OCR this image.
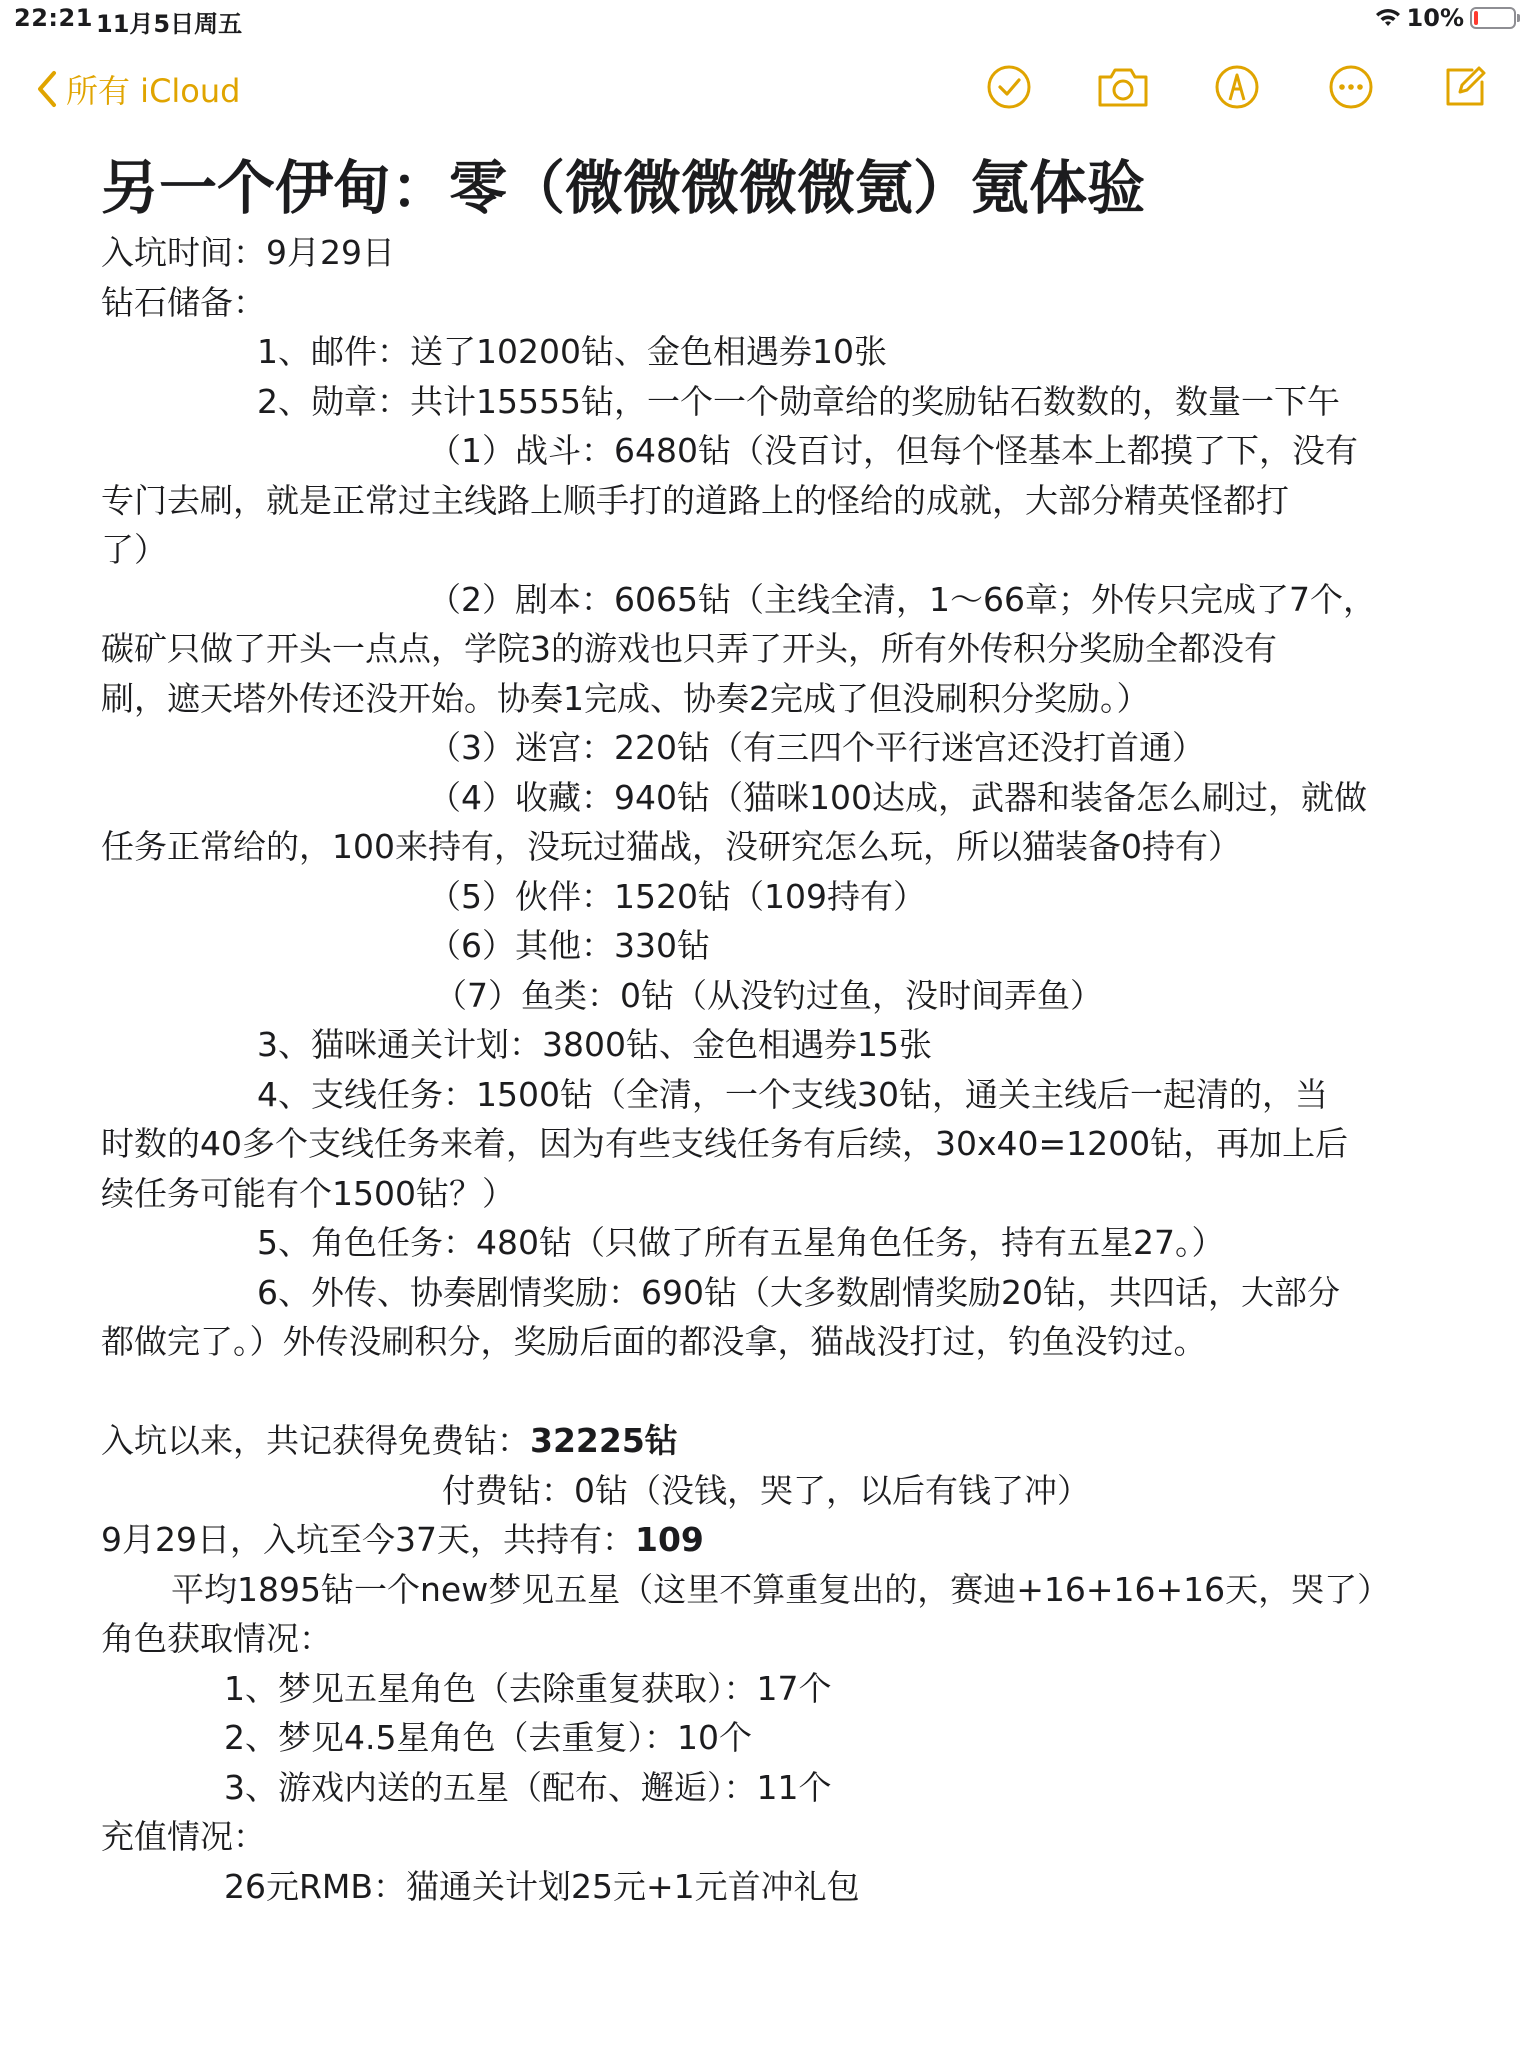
22:21 11月5日周五	10%
所有 iCloud
另一个伊甸：零（微微微微微氪）氪体验

入坑时间：9月29日

钻石储备：

1、邮件：送了10200钻、金色相遇券10张

2、勋章：共计15555钻，一个一个勋章给的奖励钻石数数的，数量一下午

（1）战斗：6480钻（没百讨，但每个怪基本上都摸了下，没有

专门去刷，就是正常过主线路上顺手打的道路上的怪给的成就，大部分精英怪都打

了）

（2）剧本：6065钻（主线全清，1～66章；外传只完成了7个，

碳矿只做了开头一点点，学院3的游戏也只弄了开头，所有外传积分奖励全都没有

刷，遮天塔外传还没开始。协奏1完成、协奏2完成了但没刷积分奖励。）

（3）迷宫：220钻（有三四个平行迷宫还没打首通）

（4）收藏：940钻（猫咪100达成，武器和装备怎么刷过，就做

任务正常给的，100来持有，没玩过猫战，没研究怎么玩，所以猫装备0持有）

（5）伙伴：1520钻（109持有）

（6）其他：330钻

（7）鱼类：0钻（从没钓过鱼，没时间弄鱼）

3、猫咪通关计划：3800钻、金色相遇券15张

4、支线任务：1500钻（全清，一个支线30钻，通关主线后一起清的，当

时数的40多个支线任务来着，因为有些支线任务有后续，30x40=1200钻，再加上后

续任务可能有个1500钻？）

5、角色任务：480钻（只做了所有五星角色任务，持有五星27。）

6、外传、协奏剧情奖励：690钻（大多数剧情奖励20钻，共四话，大部分

都做完了。）外传没刷积分，奖励后面的都没拿，猫战没打过，钓鱼没钓过。

入坑以来，共记获得免费钻：32225钻

付费钻：0钻（没钱，哭了，以后有钱了冲）

9月29日，入坑至今37天，共持有：109

平均1895钻一个new梦见五星（这里不算重复出的，赛迪+16+16+16天，哭了）

角色获取情况：

1、梦见五星角色（去除重复获取）：17个

2、梦见4.5星角色（去重复）：10个

3、游戏内送的五星（配布、邂逅）：11个

充值情况：

26元RMB：猫通关计划25元+1元首冲礼包
